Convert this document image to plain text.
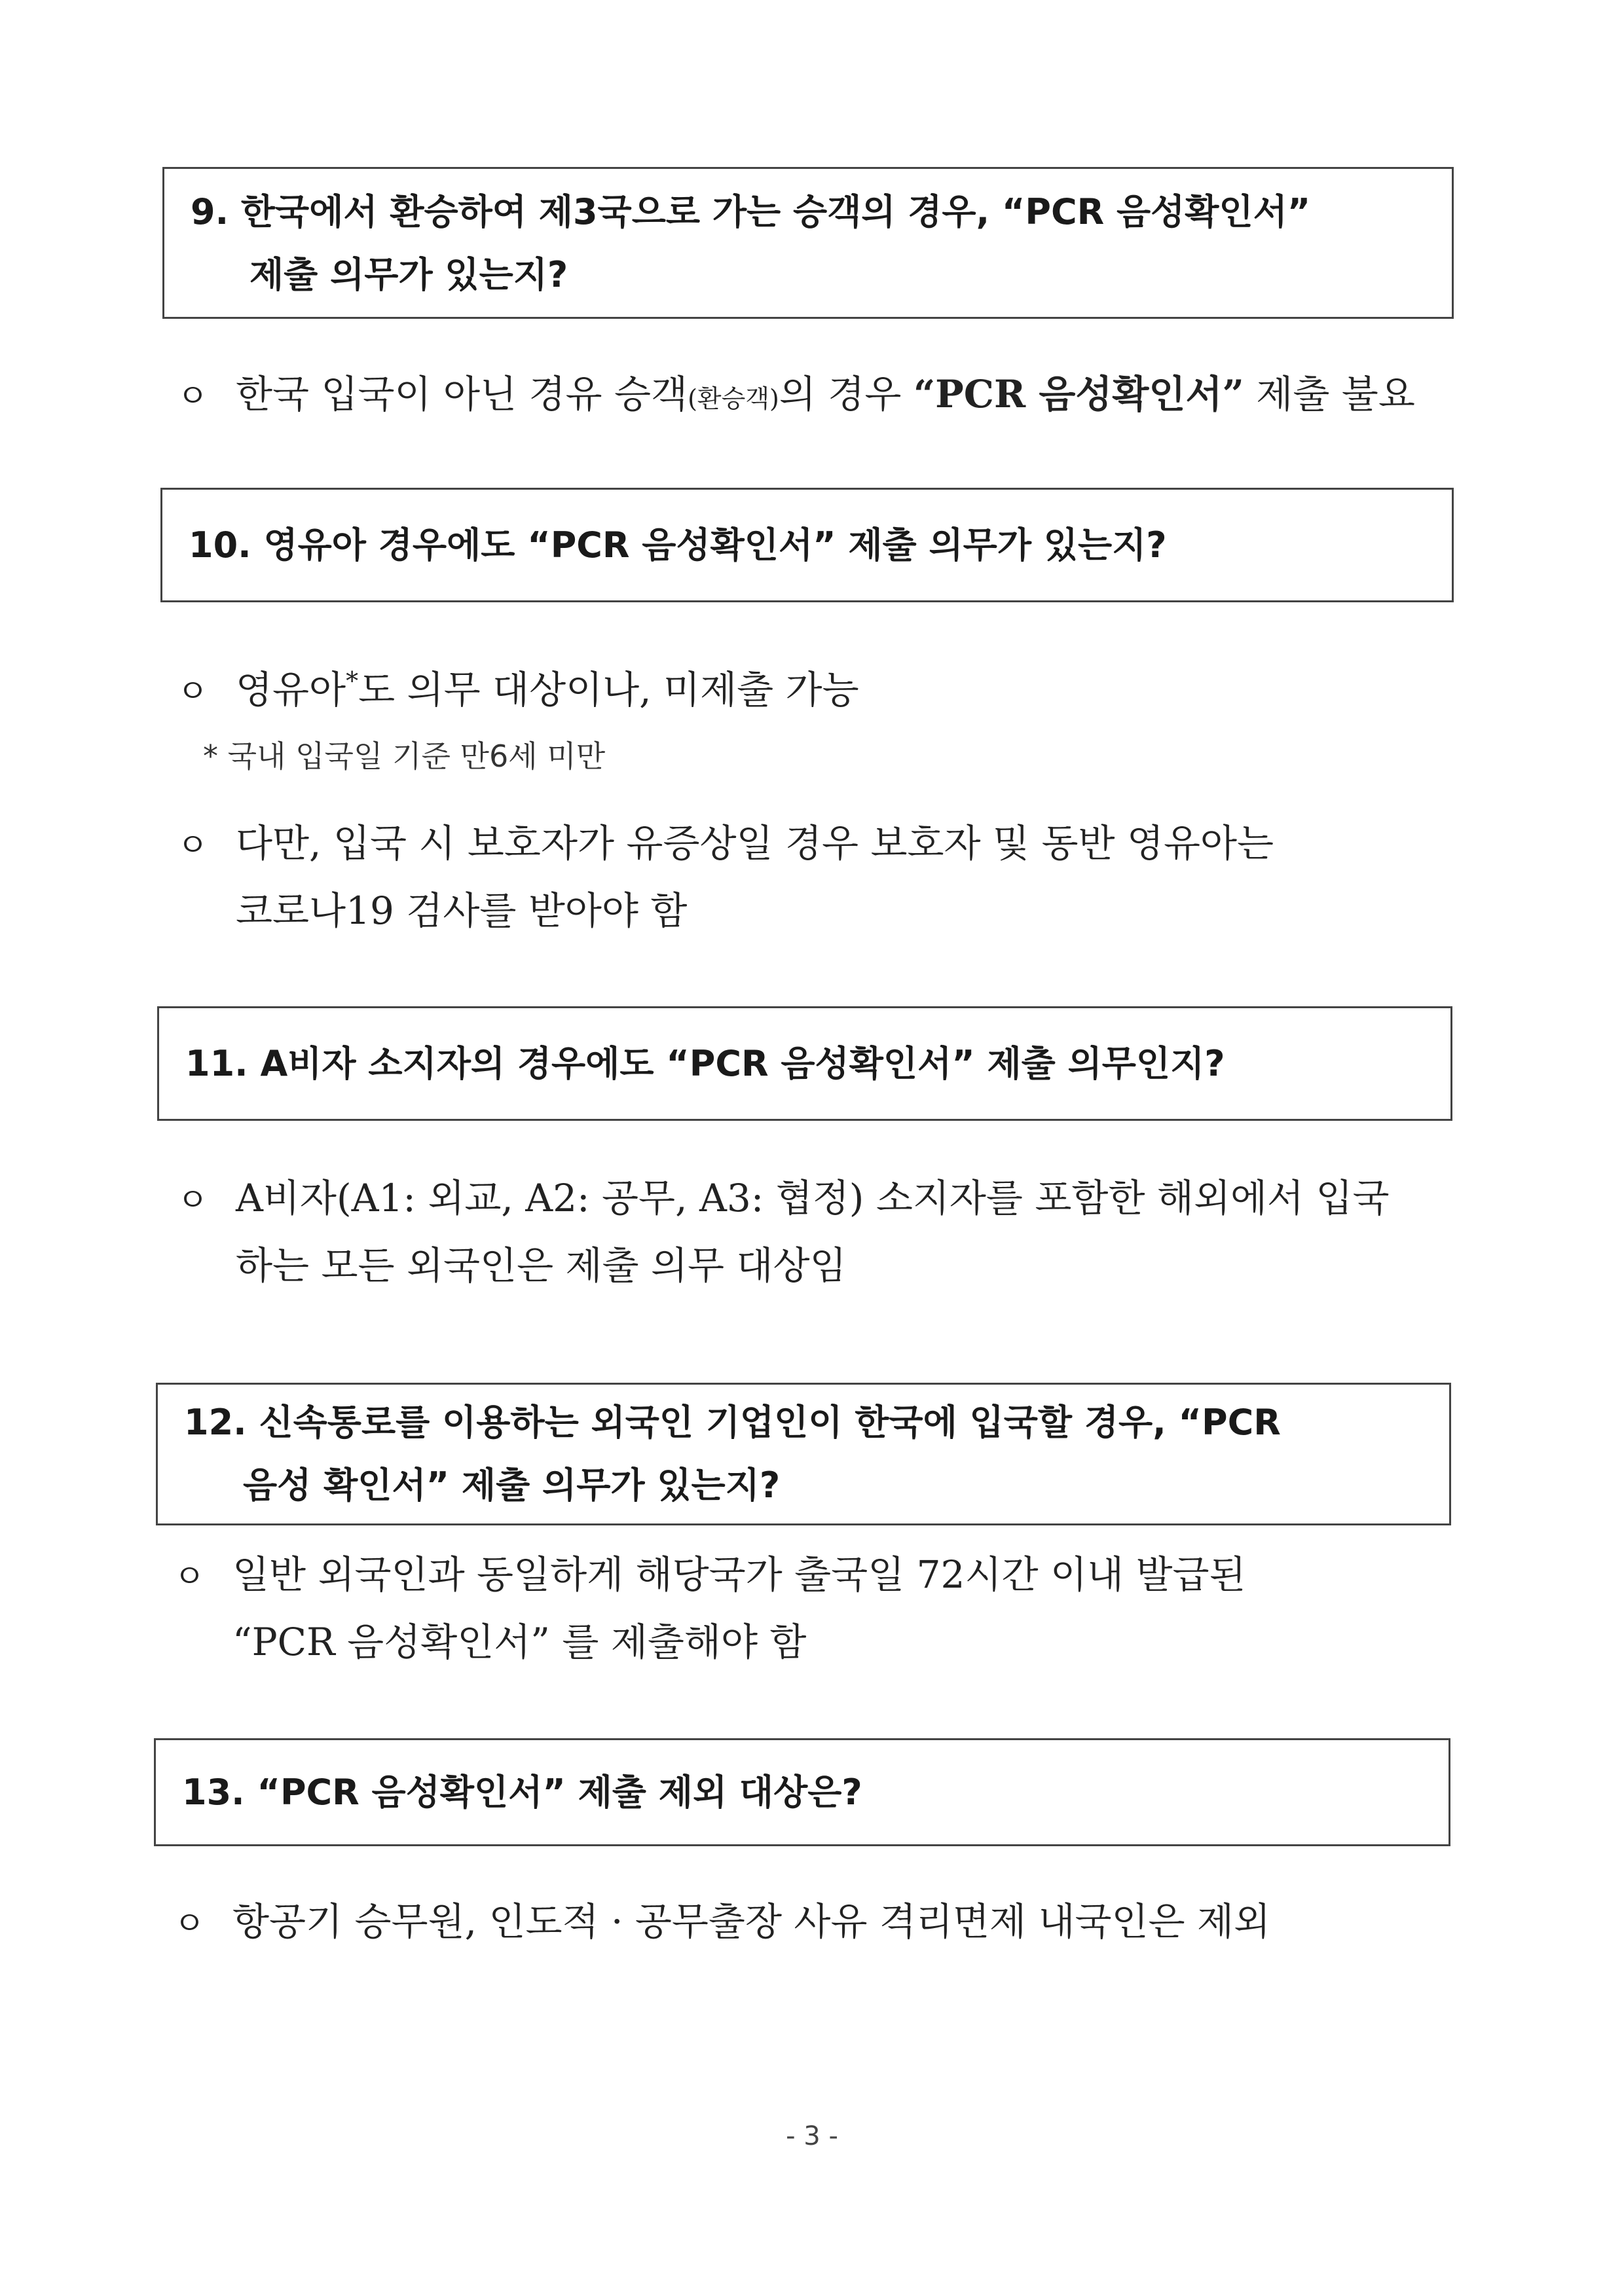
9. 한국에서 환승하여 제3국으로 가는 승객의 경우, “PCR 음성확인서”
제출 의무가 있는지?
ㅇ 한국 입국이 아닌 경유 승객(환승객)의 경우 “PCR 음성확인서” 제출 불요
10. 영유아 경우에도 “PCR 음성확인서” 제출 의무가 있는지?
ㅇ 영유아*도 의무 대상이나, 미제출 가능
* 국내 입국일 기준 만6세 미만
ㅇ 다만, 입국 시 보호자가 유증상일 경우 보호자 및 동반 영유아는
코로나19 검사를 받아야 함
11. A비자 소지자의 경우에도 “PCR 음성확인서” 제출 의무인지?
ㅇ A비자(A1: 외교, A2: 공무, A3: 협정) 소지자를 포함한 해외에서 입국
하는 모든 외국인은 제출 의무 대상임
12. 신속통로를 이용하는 외국인 기업인이 한국에 입국할 경우, “PCR
음성 확인서” 제출 의무가 있는지?
ㅇ 일반 외국인과 동일하게 해당국가 출국일 72시간 이내 발급된
“PCR 음성확인서” 를 제출해야 함
13. “PCR 음성확인서” 제출 제외 대상은?
ㅇ 항공기 승무원, 인도적 · 공무출장 사유 격리면제 내국인은 제외
- 3 -
